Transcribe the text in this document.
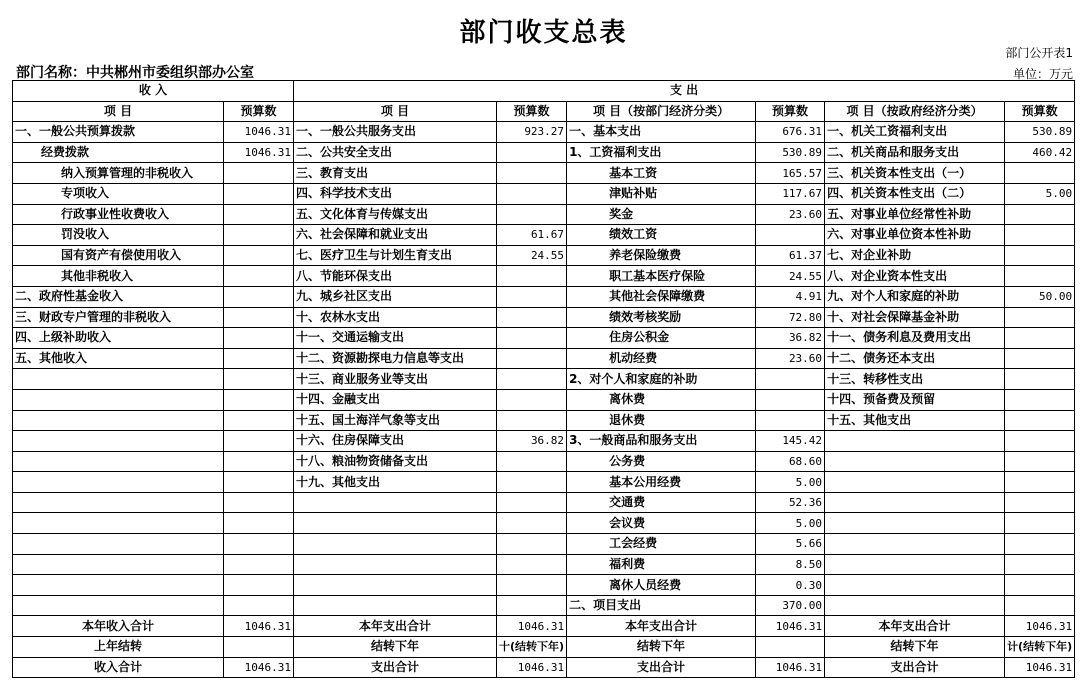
部门收支总表
部门公开表1
部门名称：中共郴州市委组织部办公室	单位：万元
收 入		支 出					
项 目	预算数	项 目	预算数	项 目（按部门经济分类）	预算数	项 目（按政府经济分类）	预算数
一、一般公共预算拨款	1046.31	一、一般公共服务支出	923.27	一、基本支出	676.31	一、机关工资福利支出	530.89
经费拨款	1046.31	二、公共安全支出		1、工资福利支出	530.89	二、机关商品和服务支出	460.42
纳入预算管理的非税收入		三、教育支出		基本工资	165.57	三、机关资本性支出（一）	
专项收入		四、科学技术支出		津贴补贴	117.67	四、机关资本性支出（二）	5.00
行政事业性收费收入		五、文化体育与传媒支出		奖金	23.60	五、对事业单位经常性补助	
罚没收入		六、社会保障和就业支出	61.67	绩效工资		六、对事业单位资本性补助	
国有资产有偿使用收入		七、医疗卫生与计划生育支出	24.55	养老保险缴费	61.37	七、对企业补助	
其他非税收入		八、节能环保支出		职工基本医疗保险	24.55	八、对企业资本性支出	
二、政府性基金收入		九、城乡社区支出		其他社会保障缴费	4.91	九、对个人和家庭的补助	50.00
三、财政专户管理的非税收入		十、农林水支出		绩效考核奖励	72.80	十、对社会保障基金补助	
四、上级补助收入		十一、交通运输支出		住房公积金	36.82	十一、债务利息及费用支出	
五、其他收入		十二、资源勘探电力信息等支出		机动经费	23.60	十二、债务还本支出	
		十三、商业服务业等支出		2、对个人和家庭的补助		十三、转移性支出	
		十四、金融支出		离休费		十四、预备费及预留	
		十五、国土海洋气象等支出		退休费		十五、其他支出	
		十六、住房保障支出	36.82	3、一般商品和服务支出	145.42		
		十八、粮油物资储备支出		公务费	68.60		
		十九、其他支出		基本公用经费	5.00		
				交通费	52.36		
				会议费	5.00		
				工会经费	5.66		
				福利费	8.50		
				离休人员经费	0.30		
				二、项目支出	370.00		
本年收入合计	1046.31	本年支出合计	1046.31	本年支出合计	1046.31	本年支出合计	1046.31
上年结转		结转下年	十(结转下年)	结转下年		结转下年	计(结转下年)
收入合计	1046.31	支出合计	1046.31	支出合计	1046.31	支出合计	1046.31
